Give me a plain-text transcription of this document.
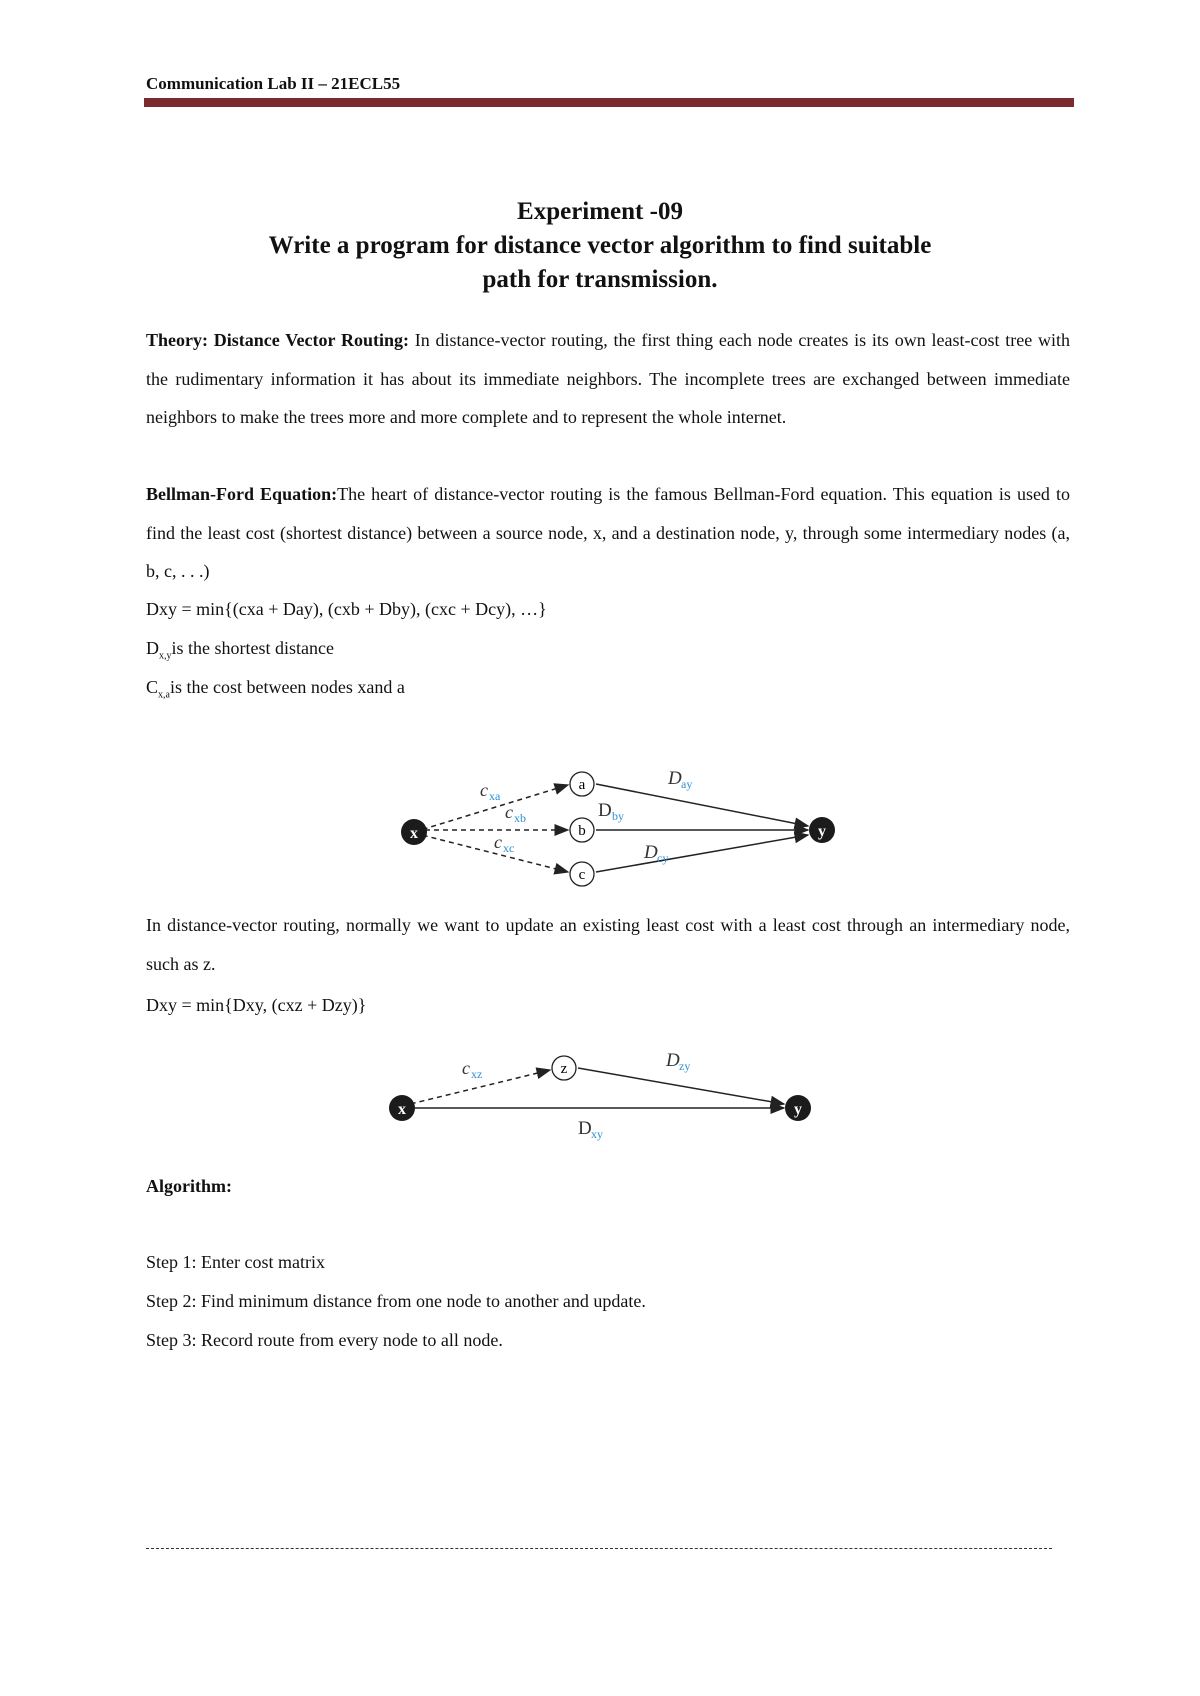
Communication Lab II – 21ECL55
Experiment -09
Write a program for distance vector algorithm to find suitable
path for transmission.
Theory: Distance Vector Routing: In distance-vector routing, the first thing each node creates is its own least-cost tree with the rudimentary information it has about its immediate neighbors. The incomplete trees are exchanged between immediate neighbors to make the trees more and more complete and to represent the whole internet.
Bellman-Ford Equation:The heart of distance-vector routing is the famous Bellman-Ford equation. This equation is used to find the least cost (shortest distance) between a source node, x, and a destination node, y, through some intermediary nodes (a, b, c, . . .)
Dxy = min{(cxa + Day), (cxb + Dby), (cxc + Dcy), …}
$D_{x,y}is$ the shortest distance
$C_{x,a}is$ the cost between nodes xand a
x
a
b
c
y
c xa
c xb
c xc
D ay
D by
D cy
In distance-vector routing, normally we want to update an existing least cost with a least cost through an intermediary node, such as z.
Dxy = min{Dxy, (cxz + Dzy)}
x
z
y
c xz
D zy
D xy
Algorithm:
Step 1: Enter cost matrix
Step 2: Find minimum distance from one node to another and update.
Step 3: Record route from every node to all node.
